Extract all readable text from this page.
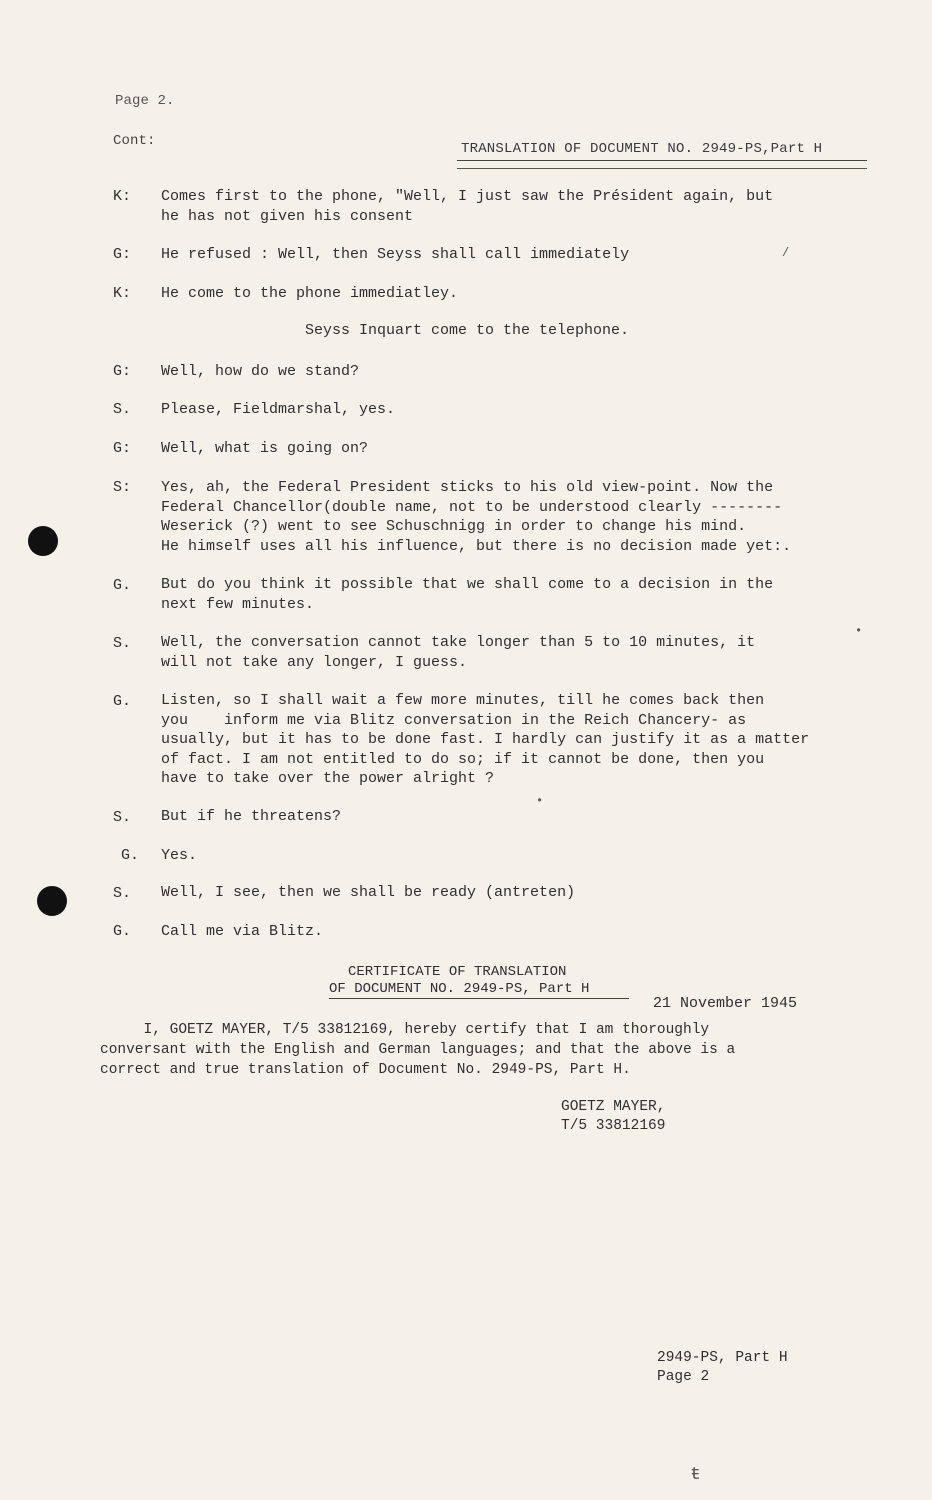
Page 2.
Cont:	TRANSLATION OF DOCUMENT NO. 2949-PS,Part H
K: Comes first to the phone, "Well, I just saw the Président again, but
he has not given his consent
G: He refused : Well, then Seyss shall call immediately
K: He come to the phone immediatley.
Seyss Inquart come to the telephone.
G: Well, how do we stand?
S. Please, Fieldmarshal, yes.
G: Well, what is going on?
S: Yes, ah, the Federal President sticks to his old view-point. Now the
Federal Chancellor(double name, not to be understood clearly --------
Weserick (?) went to see Schuschnigg in order to change his mind.
He himself uses all his influence, but there is no decision made yet:.
G. But do you think it possible that we shall come to a decision in the
next few minutes.
S. Well, the conversation cannot take longer than 5 to 10 minutes, it
will not take any longer, I guess.
G. Listen, so I shall wait a few more minutes, till he comes back then
you    inform me via Blitz conversation in the Reich Chancery- as
usually, but it has to be done fast. I hardly can justify it as a matter
of fact. I am not entitled to do so; if it cannot be done, then you
have to take over the power alright ?
S. But if he threatens?
G. Yes.
S. Well, I see, then we shall be ready (antreten)
G. Call me via Blitz.
CERTIFICATE OF TRANSLATION
OF DOCUMENT NO. 2949-PS, Part H
21 November 1945
I, GOETZ MAYER, T/5 33812169, hereby certify that I am thoroughly
conversant with the English and German languages; and that the above is a
correct and true translation of Document No. 2949-PS, Part H.
GOETZ MAYER,
T/5 33812169
2949-PS, Part H
Page 2
/
•
•
ŧ
